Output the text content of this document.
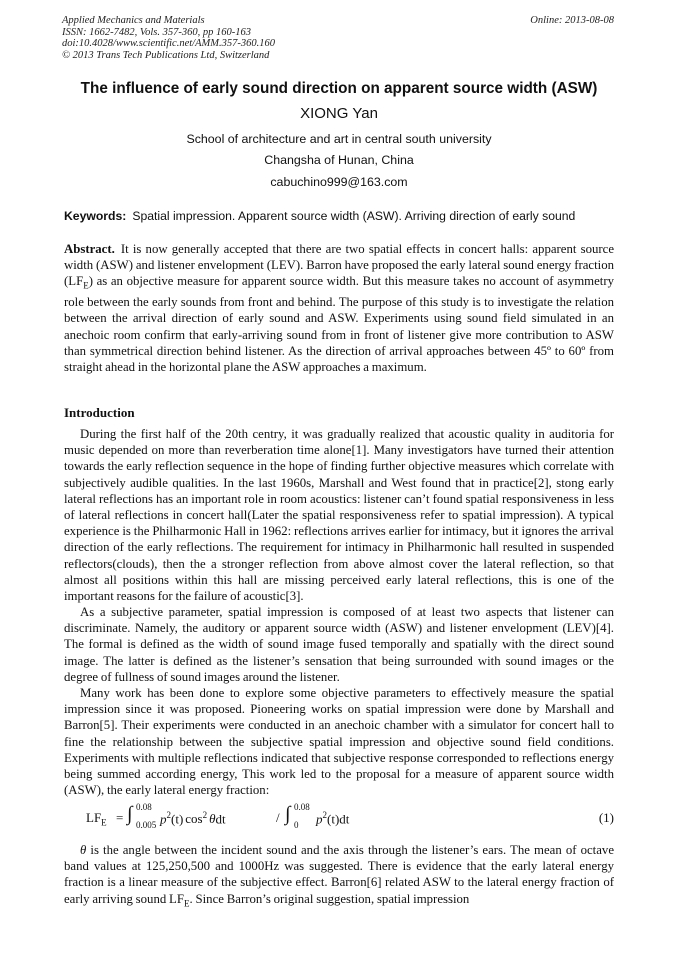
Applied Mechanics and Materials
ISSN: 1662-7482, Vols. 357-360, pp 160-163
doi:10.4028/www.scientific.net/AMM.357-360.160
© 2013 Trans Tech Publications Ltd, Switzerland
Online: 2013-08-08
The influence of early sound direction on apparent source width (ASW)
XIONG Yan
School of architecture and art in central south university
Changsha of Hunan, China
cabuchino999@163.com
Keywords: Spatial impression. Apparent source width (ASW). Arriving direction of early sound
Abstract. It is now generally accepted that there are two spatial effects in concert halls: apparent source width (ASW) and listener envelopment (LEV). Barron have proposed the early lateral sound energy fraction $(LF_E)$ as an objective measure for apparent source width. But this measure takes no account of asymmetry role between the early sounds from front and behind. The purpose of this study is to investigate the relation between the arrival direction of early sound and ASW. Experiments using sound field simulated in an anechoic room confirm that early-arriving sound from in front of listener give more contribution to ASW than symmetrical direction behind listener. As the direction of arrival approaches between 45º to 60º from straight ahead in the horizontal plane the ASW approaches a maximum.
Introduction
During the first half of the 20th centry, it was gradually realized that acoustic quality in auditoria for music depended on more than reverberation time alone[1]. Many investigators have turned their attention towards the early reflection sequence in the hope of finding further objective measures which correlate with subjectively audible qualities. In the last 1960s, Marshall and West found that in practice[2], stong early lateral reflections has an important role in room acoustics: listener can’t found spatial responsiveness in less of lateral reflections in concert hall(Later the spatial responsiveness refer to spatial impression). A typical experience is the Philharmonic Hall in 1962: reflections arrives earlier for intimacy, but it ignores the arrival direction of the early reflections. The requirement for intimacy in Philharmonic hall resulted in suspended reflectors(clouds), then the a stronger reflection from above almost cover the lateral reflection, so that almost all positions within this hall are missing perceived early lateral reflections, this is one of the important reasons for the failure of acoustic[3].
As a subjective parameter, spatial impression is composed of at least two aspects that listener can discriminate. Namely, the auditory or apparent source width (ASW) and listener envelopment (LEV)[4]. The formal is defined as the width of sound image fused temporally and spatially with the direct sound image. The latter is defined as the listener’s sensation that being surrounded with sound images or the degree of fullness of sound images around the listener.
Many work has been done to explore some objective parameters to effectively measure the spatial impression since it was proposed. Pioneering works on spatial impression were done by Marshall and Barron[5]. Their experiments were conducted in an anechoic chamber with a simulator for concert hall to fine the relationship between the subjective spatial impression and objective sound field conditions. Experiments with multiple reflections indicated that subjective response corresponded to reflections energy being summed according energy, This work led to the proposal for a measure of apparent source width (ASW), the early lateral energy fraction:
$LF_E$ = ∫ 0.08
0.005 $p^2(t)$ $\cos^2 \theta dt$	/ ∫ 0.08
0 $p^2(t)dt$	(1)
θ is the angle between the incident sound and the axis through the listener’s ears. The mean of octave band values at 125,250,500 and 1000Hz was suggested. There is evidence that the early lateral energy fraction is a linear measure of the subjective effect. Barron[6] related ASW to the lateral energy fraction of early arriving sound $LF_E$. Since Barron’s original suggestion, spatial impression
